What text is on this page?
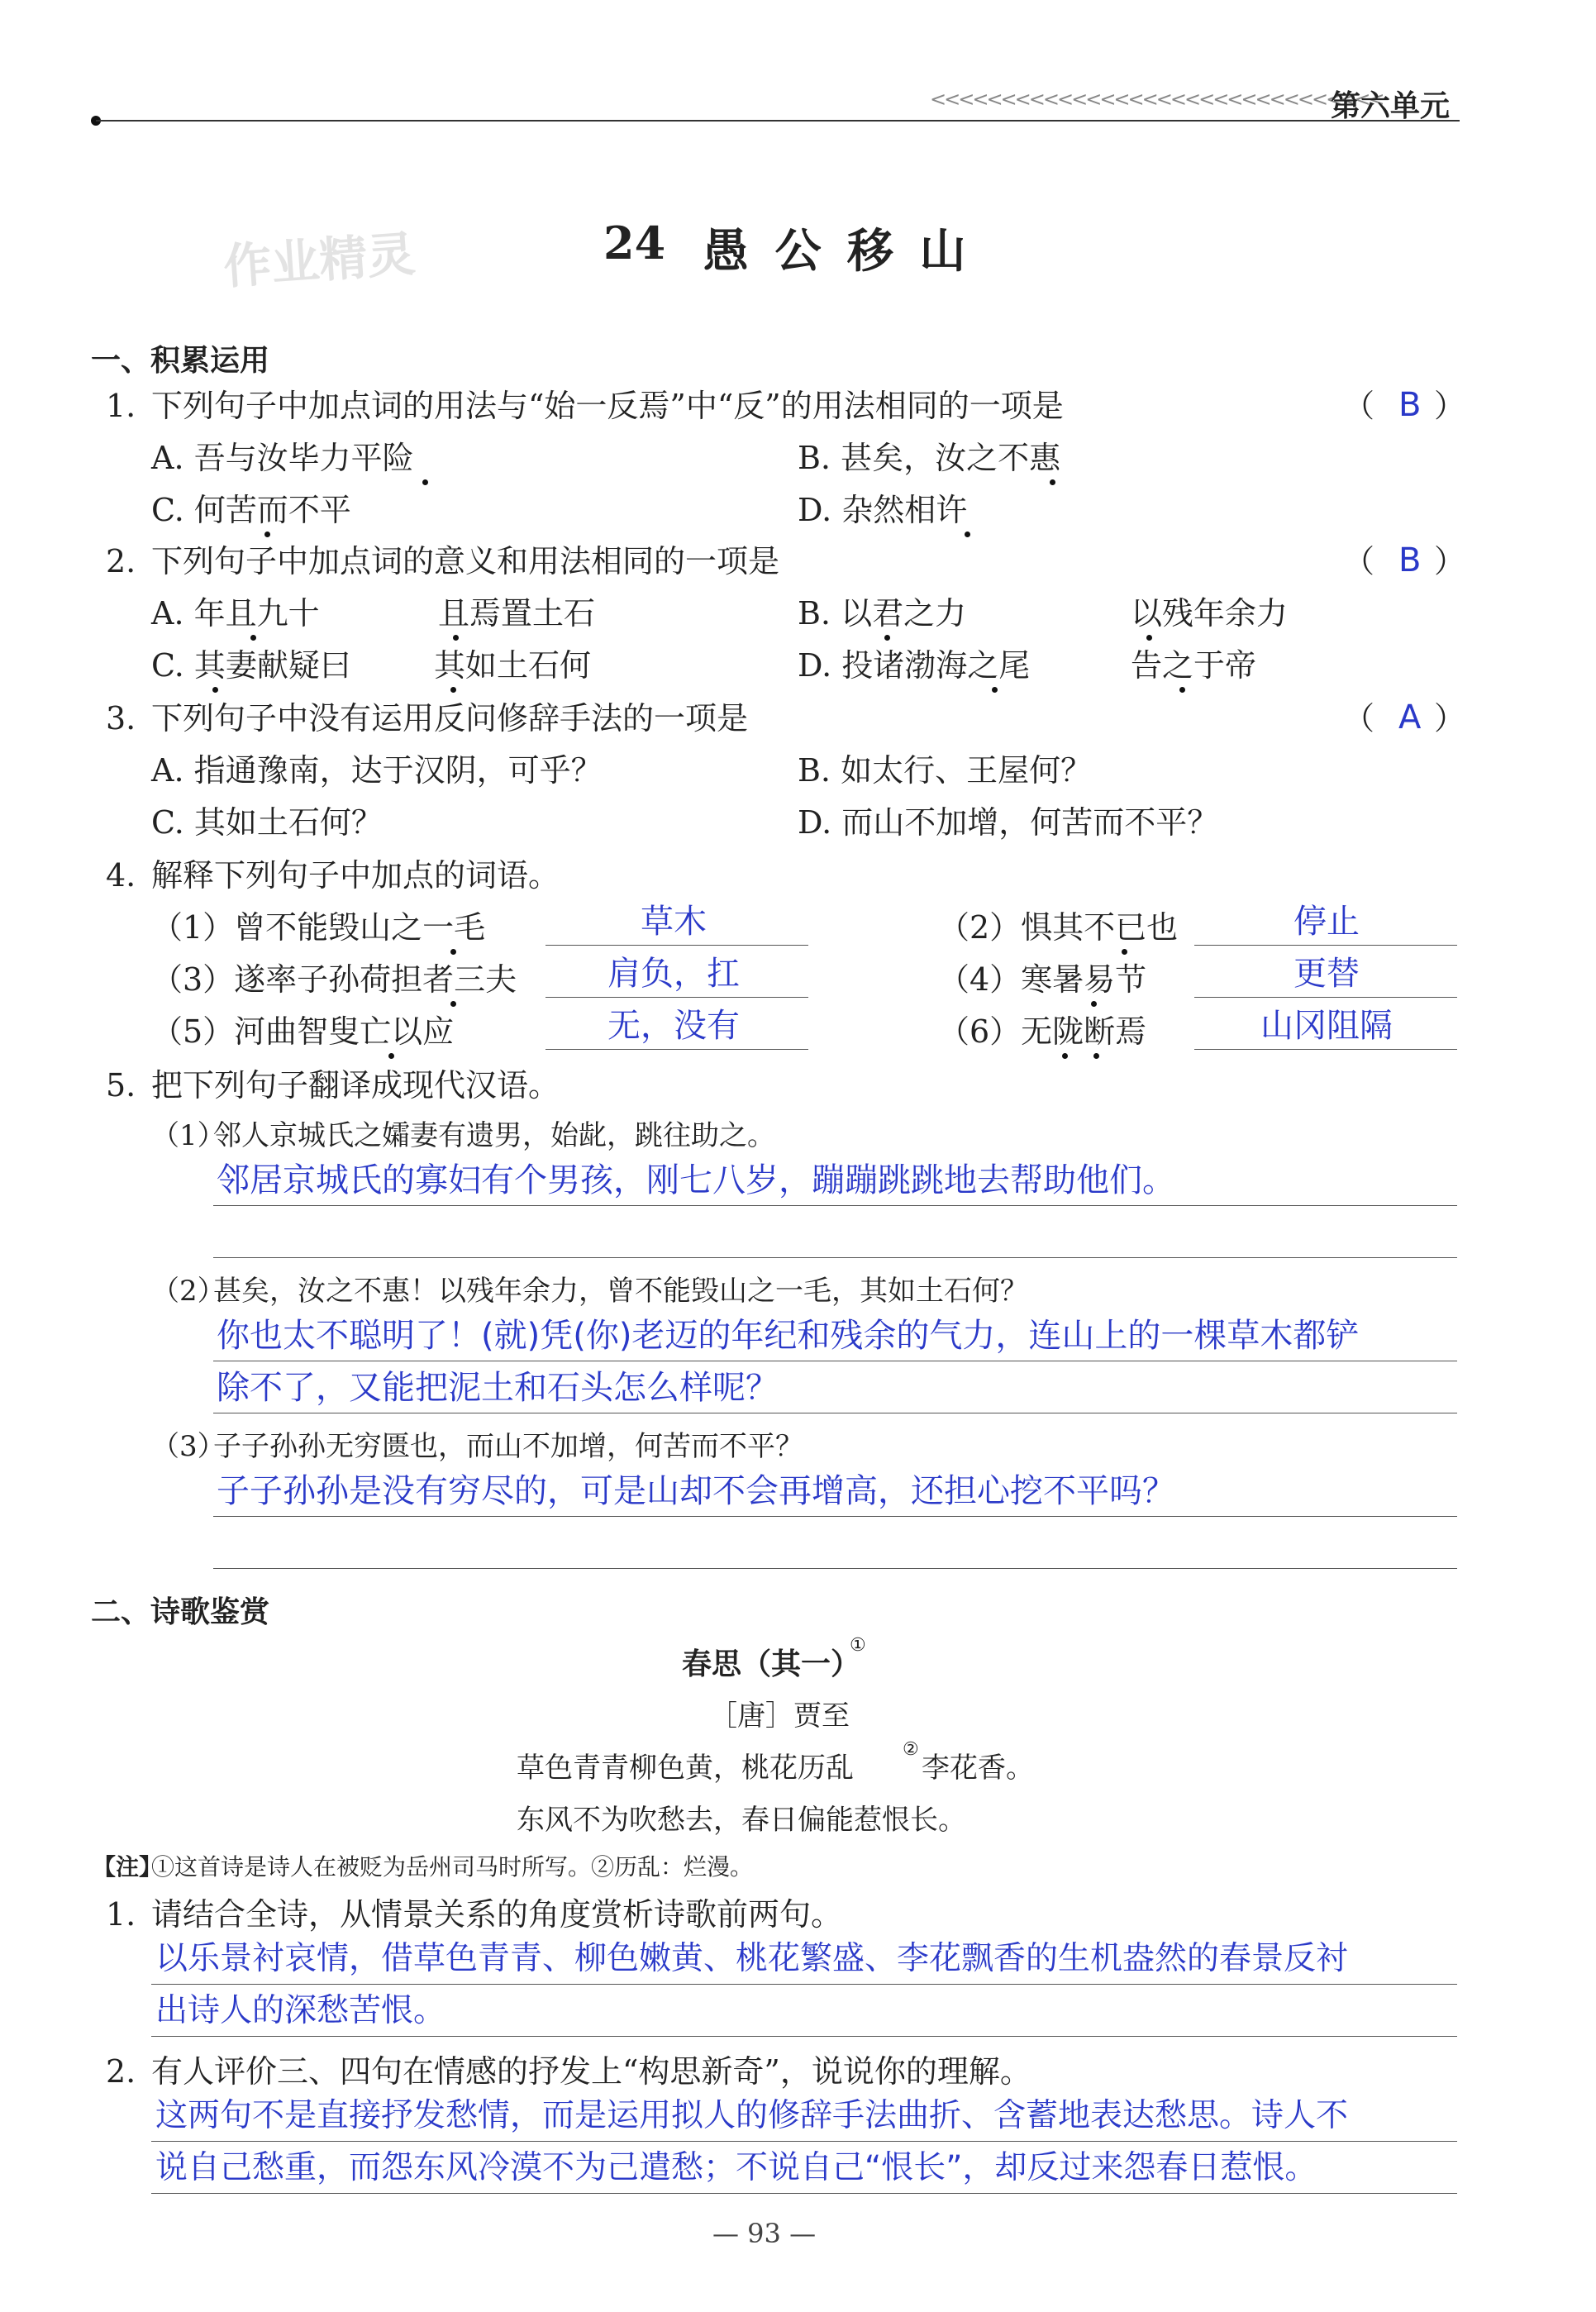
<<<<<<<<<<<<<<<<<<<<<<<<<<<<<<<<
第六单元
作业精灵	24 愚 公 移 山
一、积累运用
1. 下列句子中加点词的用法与“始一反焉”中“反”的用法相同的一项是	（ B ）
A. 吾与汝毕力平险	B. 甚矣，汝之不惠
C. 何苦而不平	D. 杂然相许
2. 下列句子中加点词的意义和用法相同的一项是	（ B ）
A. 年且九十	且焉置土石	B. 以君之力	以残年余力
C. 其妻献疑曰	其如土石何	D. 投诸渤海之尾	告之于帝
3. 下列句子中没有运用反问修辞手法的一项是	（ A ）
A. 指通豫南，达于汉阴，可乎？	B. 如太行、王屋何？
C. 其如土石何？	D. 而山不加增，何苦而不平？
4. 解释下列句子中加点的词语。
（1）曾不能毁山之一毛	草木	（2）惧其不已也	停止
（3）遂率子孙荷担者三夫	肩负，扛	（4）寒暑易节	更替
（5）河曲智叟亡以应	无，没有	（6）无陇断焉	山冈阻隔
5. 把下列句子翻译成现代汉语。
（1）
邻人京城氏之孀妻有遗男，始龀，跳往助之。
邻居京城氏的寡妇有个男孩，刚七八岁，蹦蹦跳跳地去帮助他们。
（2）
甚矣，汝之不惠！以残年余力，曾不能毁山之一毛，其如土石何？
你也太不聪明了！(就)凭(你)老迈的年纪和残余的气力，连山上的一棵草木都铲
除不了，又能把泥土和石头怎么样呢？
（3）
子子孙孙无穷匮也，而山不加增，何苦而不平？
子子孙孙是没有穷尽的，可是山却不会再增高，还担心挖不平吗？
二、诗歌鉴赏
春思（其一）
①
［唐］贾至
草色青青柳色黄，桃花历乱
②
李花香。
东风不为吹愁去，春日偏能惹恨长。
【注】
①这首诗是诗人在被贬为岳州司马时所写。②历乱：烂漫。
1. 请结合全诗，从情景关系的角度赏析诗歌前两句。
以乐景衬哀情，借草色青青、柳色嫩黄、桃花繁盛、李花飘香的生机盎然的春景反衬
出诗人的深愁苦恨。
2. 有人评价三、四句在情感的抒发上“构思新奇”，说说你的理解。
这两句不是直接抒发愁情，而是运用拟人的修辞手法曲折、含蓄地表达愁思。诗人不
说自己愁重，而怨东风冷漠不为己遣愁；不说自己“恨长”，却反过来怨春日惹恨。
— 93 —
